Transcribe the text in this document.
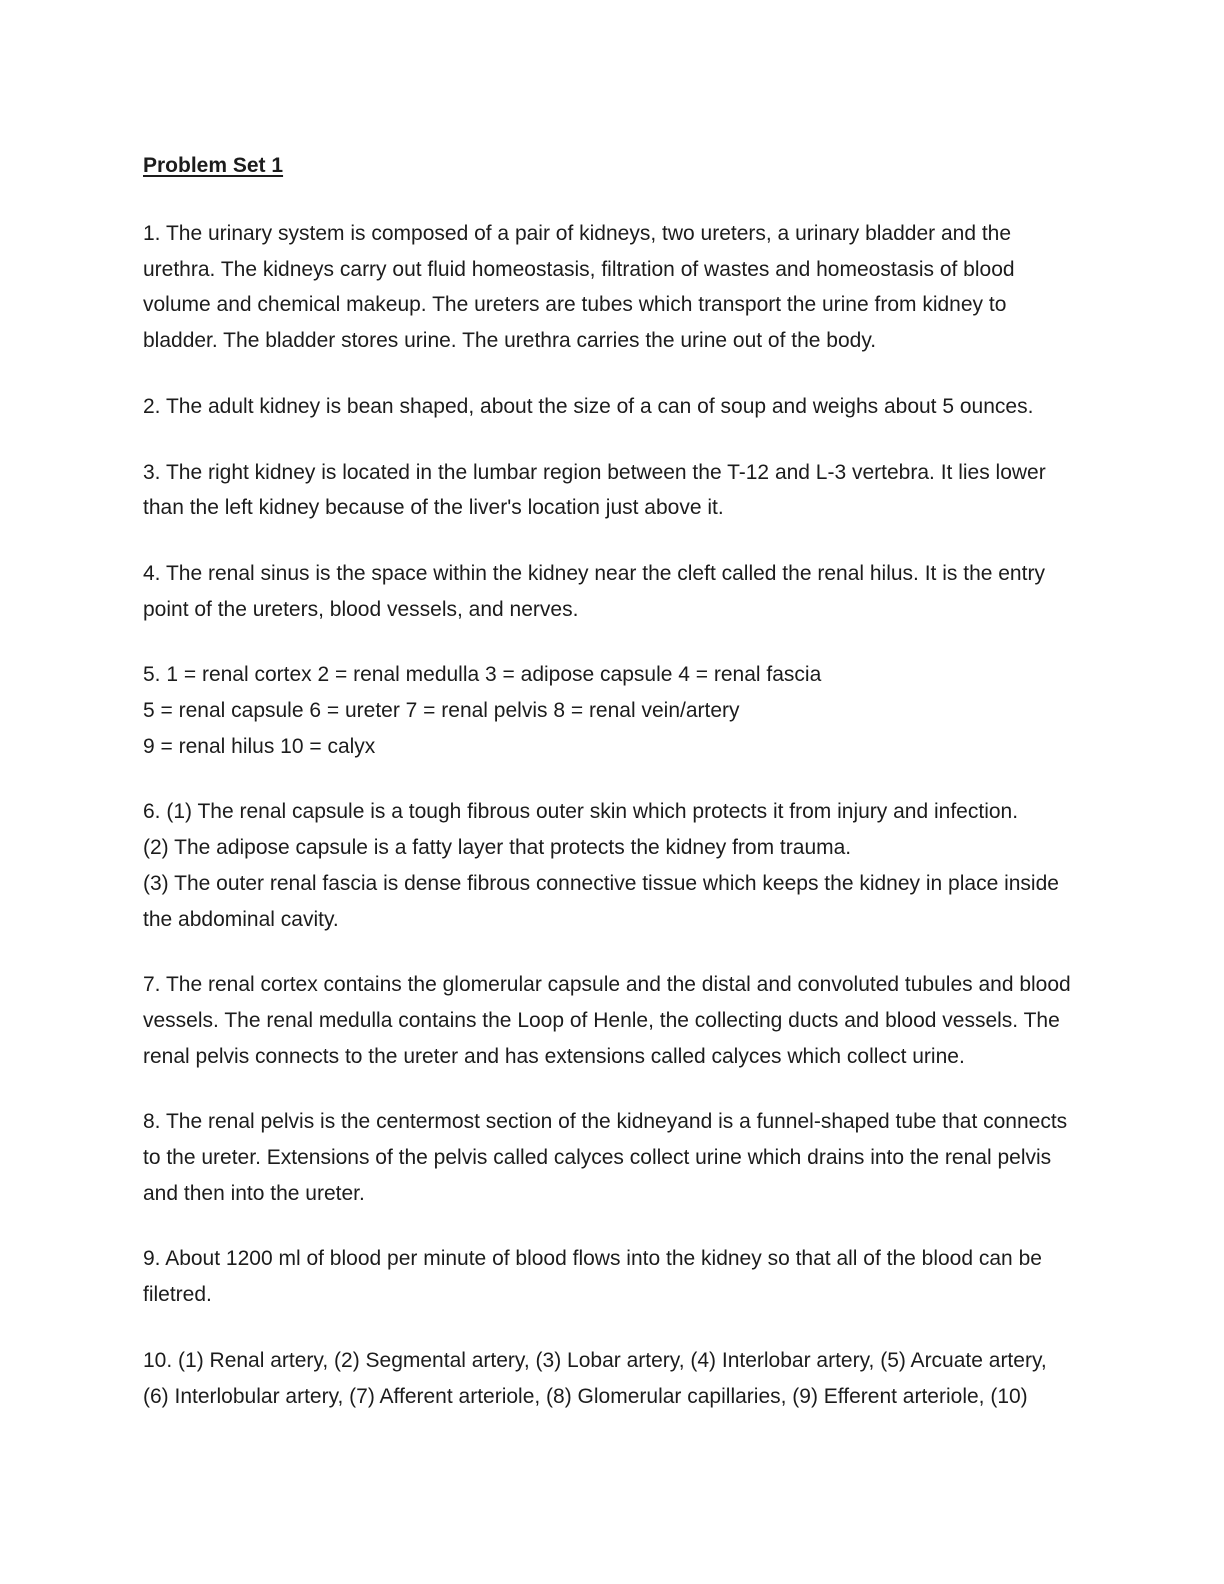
Problem Set 1
1. The urinary system is composed of a pair of kidneys, two ureters, a urinary bladder and the
urethra. The kidneys carry out fluid homeostasis, filtration of wastes and homeostasis of blood
volume and chemical makeup. The ureters are tubes which transport the urine from kidney to
bladder. The bladder stores urine. The urethra carries the urine out of the body.
2. The adult kidney is bean shaped, about the size of a can of soup and weighs about 5 ounces.
3. The right kidney is located in the lumbar region between the T-12 and L-3 vertebra. It lies lower
than the left kidney because of the liver's location just above it.
4. The renal sinus is the space within the kidney near the cleft called the renal hilus. It is the entry
point of the ureters, blood vessels, and nerves.
5. 1 = renal cortex 2 = renal medulla 3 = adipose capsule 4 = renal fascia
5 = renal capsule 6 = ureter 7 = renal pelvis 8 = renal vein/artery
9 = renal hilus 10 = calyx
6. (1) The renal capsule is a tough fibrous outer skin which protects it from injury and infection.
(2) The adipose capsule is a fatty layer that protects the kidney from trauma.
(3) The outer renal fascia is dense fibrous connective tissue which keeps the kidney in place inside
the abdominal cavity.
7. The renal cortex contains the glomerular capsule and the distal and convoluted tubules and blood
vessels. The renal medulla contains the Loop of Henle, the collecting ducts and blood vessels. The
renal pelvis connects to the ureter and has extensions called calyces which collect urine.
8. The renal pelvis is the centermost section of the kidneyand is a funnel-shaped tube that connects
to the ureter. Extensions of the pelvis called calyces collect urine which drains into the renal pelvis
and then into the ureter.
9. About 1200 ml of blood per minute of blood flows into the kidney so that all of the blood can be
filetred.
10. (1) Renal artery, (2) Segmental artery, (3) Lobar artery, (4) Interlobar artery, (5) Arcuate artery,
(6) Interlobular artery, (7) Afferent arteriole, (8) Glomerular capillaries, (9) Efferent arteriole, (10)
